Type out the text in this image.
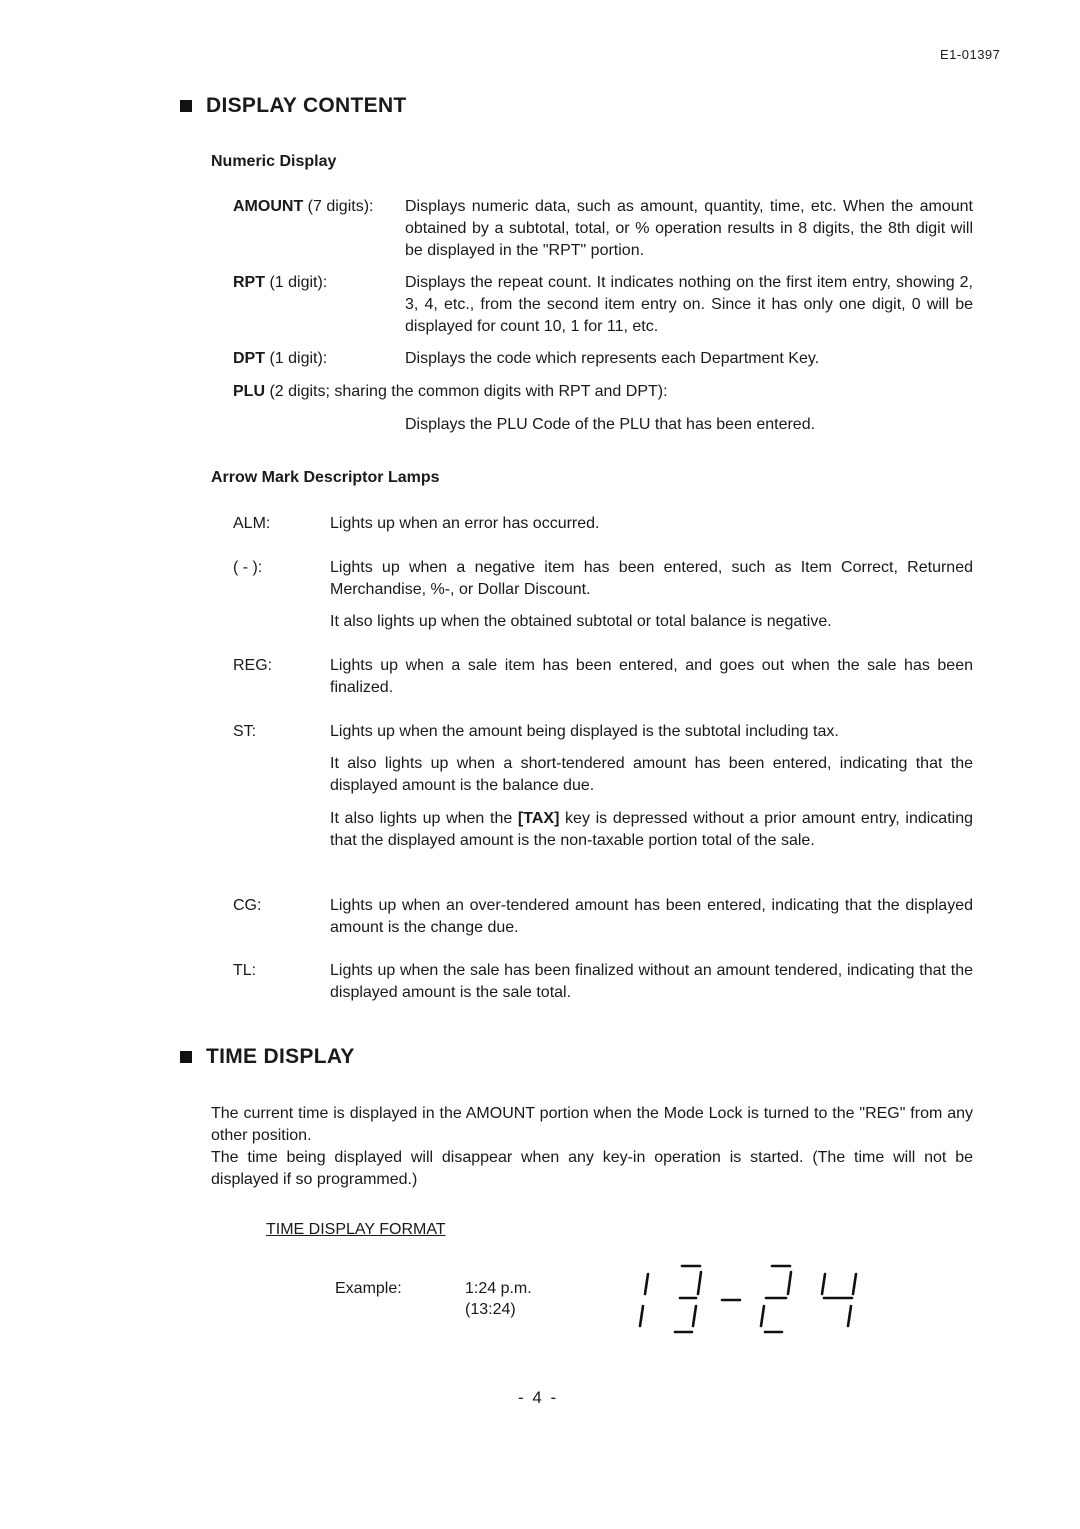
E1-01397
DISPLAY CONTENT
Numeric Display
AMOUNT (7 digits): Displays numeric data, such as amount, quantity, time, etc. When the amount obtained by a subtotal, total, or % operation results in 8 digits, the 8th digit will be displayed in the "RPT" portion.
RPT (1 digit):	Displays the repeat count. It indicates nothing on the first item entry, showing 2, 3, 4, etc., from the second item entry on. Since it has only one digit, 0 will be displayed for count 10, 1 for 11, etc.
DPT (1 digit):	Displays the code which represents each Department Key.
PLU (2 digits; sharing the common digits with RPT and DPT):
Displays the PLU Code of the PLU that has been entered.
Arrow Mark Descriptor Lamps
ALM:	Lights up when an error has occurred.
( - ):	Lights up when a negative item has been entered, such as Item Correct, Returned Merchandise, %-, or Dollar Discount.
It also lights up when the obtained subtotal or total balance is negative.
REG:	Lights up when a sale item has been entered, and goes out when the sale has been finalized.
ST:	Lights up when the amount being displayed is the subtotal including tax.
It also lights up when a short-tendered amount has been entered, indicating that the displayed amount is the balance due.
It also lights up when the [TAX] key is depressed without a prior amount entry, indicating that the displayed amount is the non-taxable portion total of the sale.
CG:	Lights up when an over-tendered amount has been entered, indicating that the displayed amount is the change due.
TL:	Lights up when the sale has been finalized without an amount tendered, indicating that the displayed amount is the sale total.
TIME DISPLAY
The current time is displayed in the AMOUNT portion when the Mode Lock is turned to the "REG" from any other position.
The time being displayed will disappear when any key-in operation is started. (The time will not be displayed if so programmed.)
TIME DISPLAY FORMAT
Example:	1:24 p.m.
(13:24)
- 4 -
